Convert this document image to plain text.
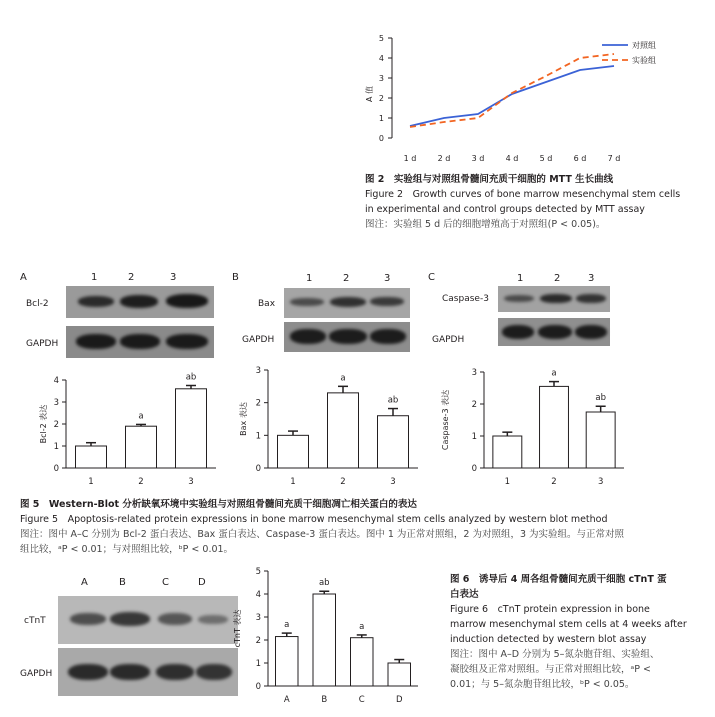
0
1
2
3
4
5
A 值
1 d	2 d	3 d	4 d	5 d	6 d	7 d
对照组
实验组
图 2　实验组与对照组骨髓间充质干细胞的 MTT 生长曲线
Figure 2　Growth curves of bone marrow mesenchymal stem cells
in experimental and control groups detected by MTT assay
图注：实验组 5 d 后的细胞增殖高于对照组(P < 0.05)。
A	1	2	3
Bcl-2
GAPDH
0
1
2
3
4
Bcl-2 表达
1
a
2
ab
3
B	1	2	3
Bax
GAPDH
0
1
2
3
Bax 表达
1
a
2
ab
3
C	1	2	3
Caspase-3
GAPDH
0
1
2
3
Caspase-3 表达
1
a
2
ab
3
图 5　Western-Blot 分析缺氧环境中实验组与对照组骨髓间充质干细胞凋亡相关蛋白的表达
Figure 5　Apoptosis-related protein expressions in bone marrow mesenchymal stem cells analyzed by western blot method
图注：图中 A–C 分别为 Bcl-2 蛋白表达、Bax 蛋白表达、Caspase-3 蛋白表达。图中 1 为正常对照组，2 为对照组，3 为实验组。与正常对照
组比较，ᵃP < 0.01；与对照组比较，ᵇP < 0.01。
A	B	C	D
cTnT
GAPDH
0
1
2
3
4
5
cTnT 表达	a
A
ab
B
a
C	D
图 6　诱导后 4 周各组骨髓间充质干细胞 cTnT 蛋
白表达
Figure 6　cTnT protein expression in bone
marrow mesenchymal stem cells at 4 weeks after
induction detected by western blot assay
图注：图中 A–D 分别为 5–氮杂胞苷组、实验组、
凝胶组及正常对照组。与正常对照组比较，ᵃP <
0.01；与 5–氮杂胞苷组比较，ᵇP < 0.05。
